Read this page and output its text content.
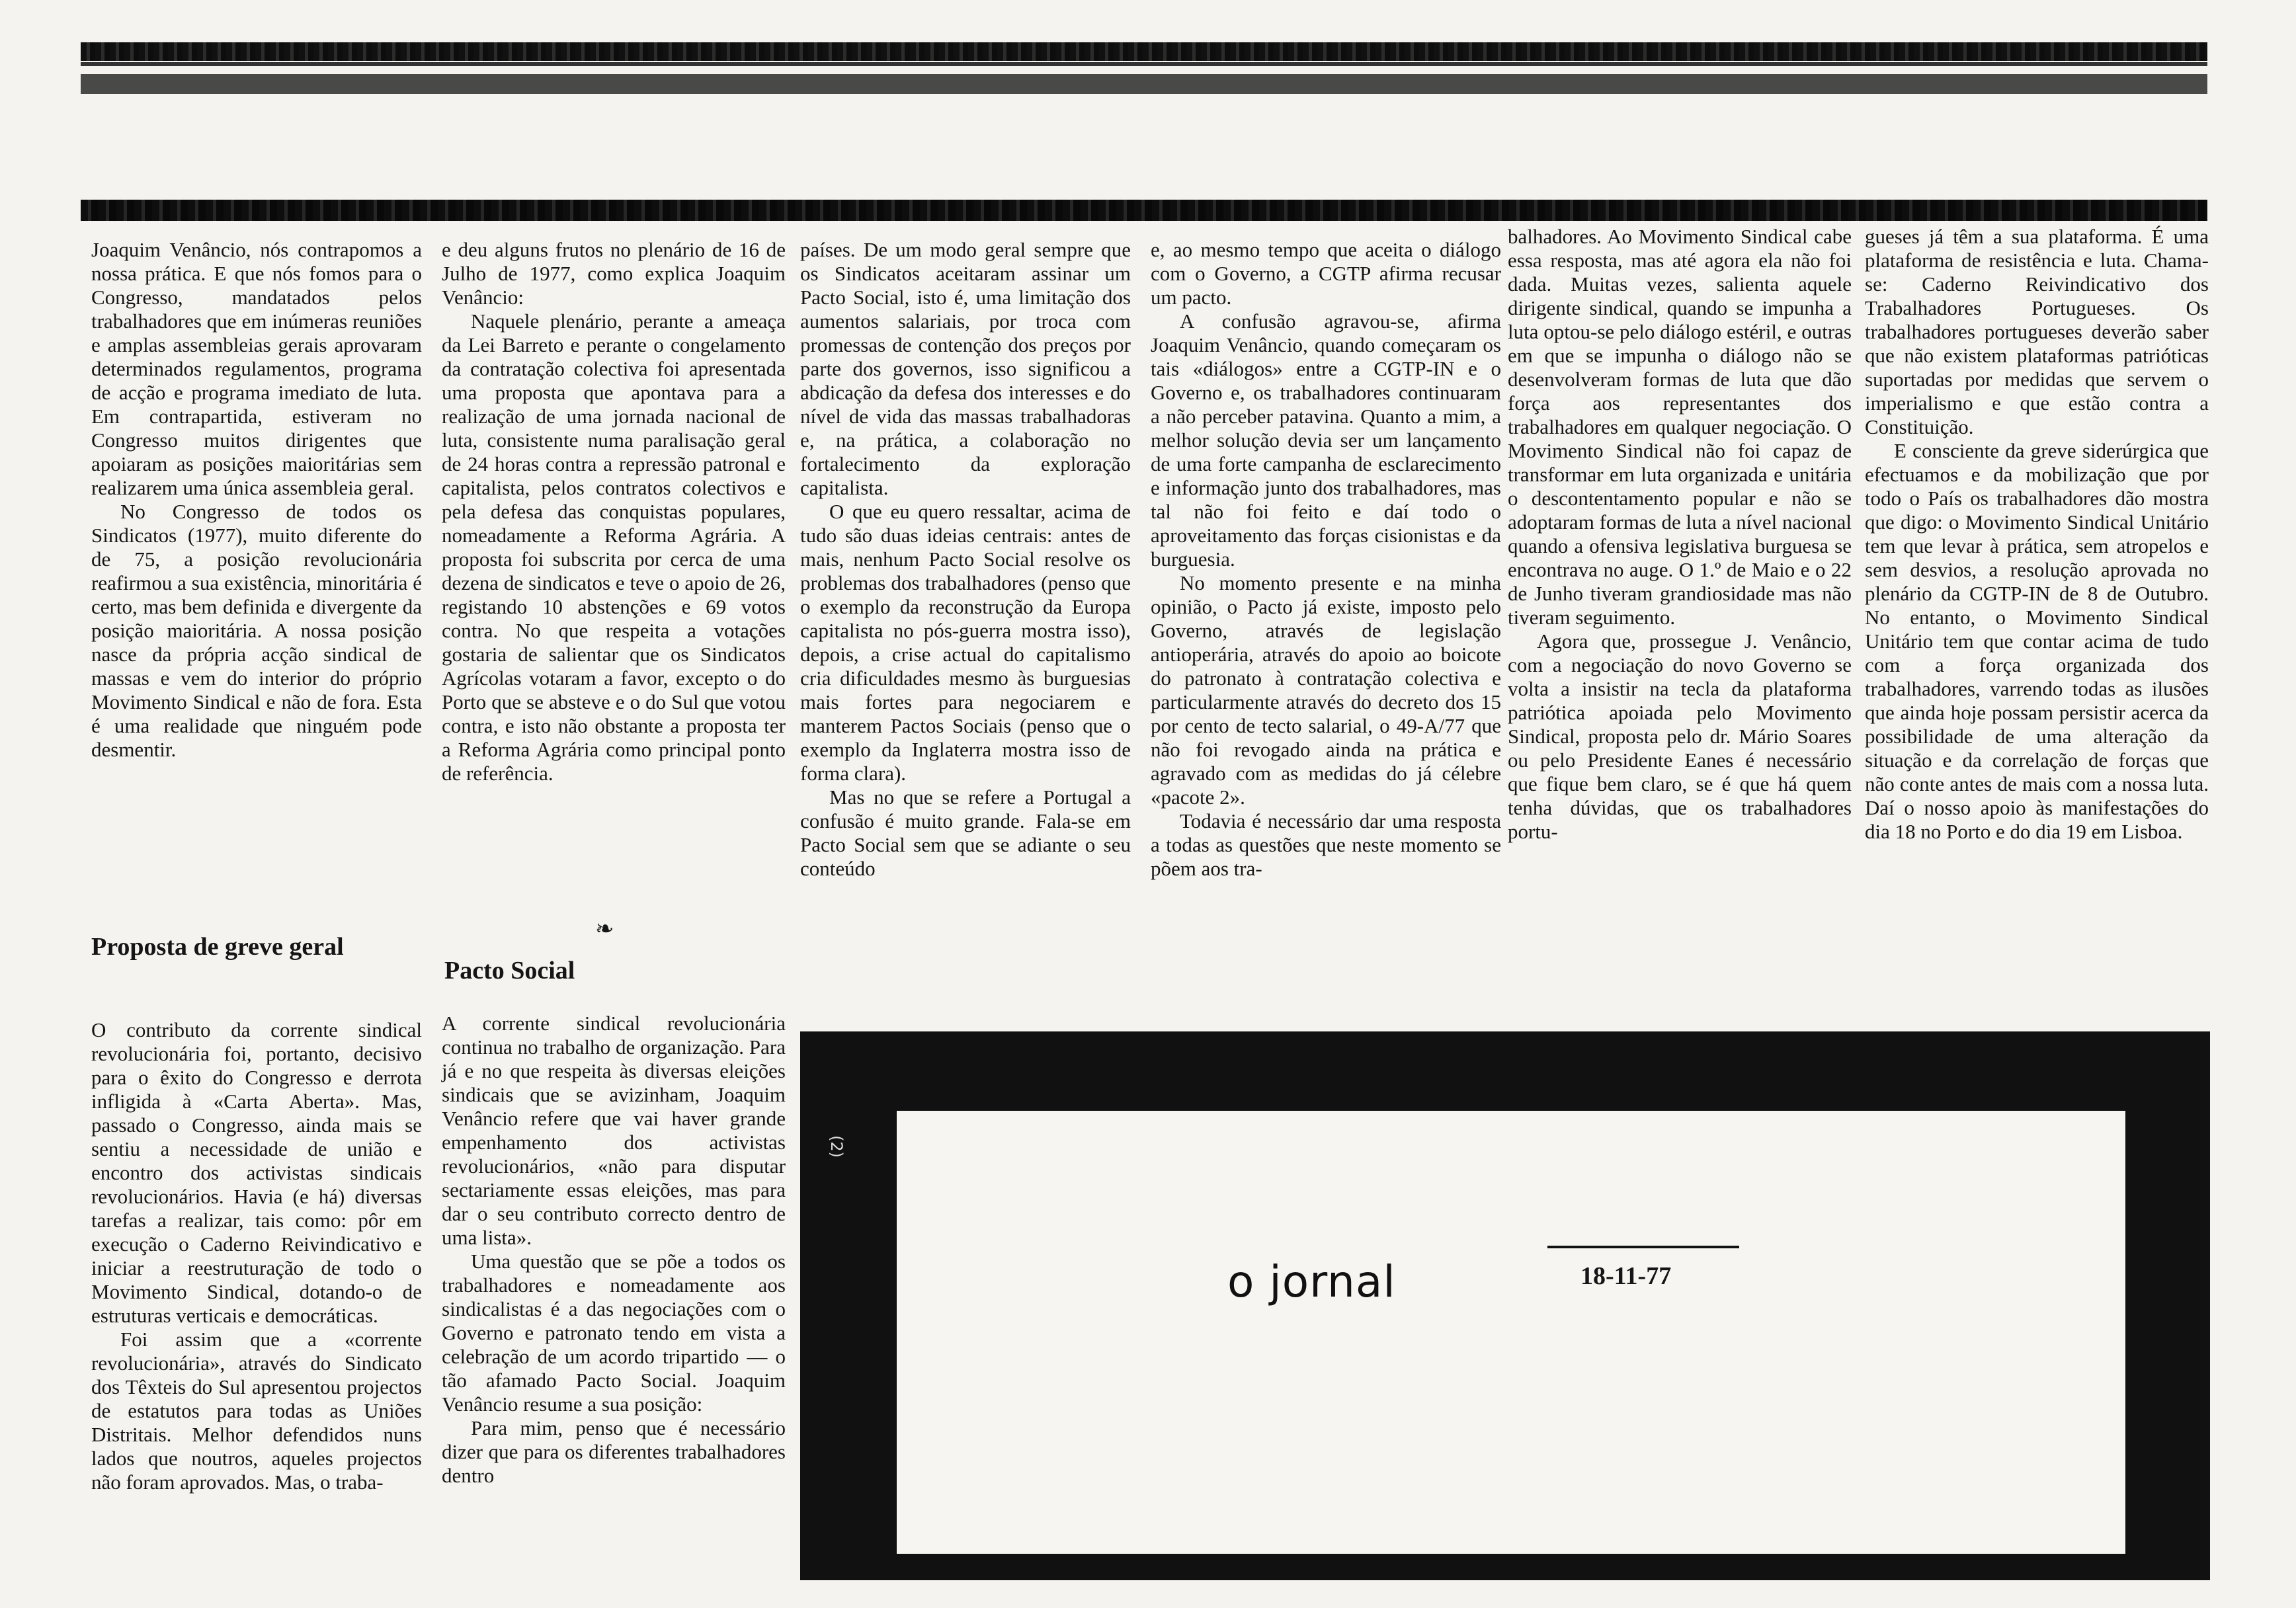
Joaquim Venâncio, nós contrapomos a nossa prática. E que nós fomos para o Congresso, mandatados pelos trabalhadores que em inúmeras reuniões e amplas assembleias gerais aprovaram determinados regulamentos, programa de acção e programa imediato de luta. Em contrapartida, estiveram no Congresso muitos dirigentes que apoiaram as posições maioritárias sem realizarem uma única assembleia geral.

No Congresso de todos os Sindicatos (1977), muito diferente do de 75, a posição revolucionária reafirmou a sua existência, minoritária é certo, mas bem definida e divergente da posição maioritária. A nossa posição nasce da própria acção sindical de massas e vem do interior do próprio Movimento Sindical e não de fora. Esta é uma realidade que ninguém pode desmentir.

Proposta de greve geral

O contributo da corrente sindical revolucionária foi, portanto, decisivo para o êxito do Congresso e derrota infligida à «Carta Aberta». Mas, passado o Congresso, ainda mais se sentiu a necessidade de união e encontro dos activistas sindicais revolucionários. Havia (e há) diversas tarefas a realizar, tais como: pôr em execução o Caderno Reivindicativo e iniciar a reestruturação de todo o Movimento Sindical, dotando-o de estruturas verticais e democráticas.

Foi assim que a «corrente revolucionária», através do Sindicato dos Têxteis do Sul apresentou projectos de estatutos para todas as Uniões Distritais. Melhor defendidos nuns lados que noutros, aqueles projectos não foram aprovados. Mas, o traba-

e deu alguns frutos no plenário de 16 de Julho de 1977, como explica Joaquim Venâncio:

Naquele plenário, perante a ameaça da Lei Barreto e perante o congelamento da contratação colectiva foi apresentada uma proposta que apontava para a realização de uma jornada nacional de luta, consistente numa paralisação geral de 24 horas contra a repressão patronal e capitalista, pelos contratos colectivos e pela defesa das conquistas populares, nomeadamente a Reforma Agrária. A proposta foi subscrita por cerca de uma dezena de sindicatos e teve o apoio de 26, registando 10 abstenções e 69 votos contra. No que respeita a votações gostaria de salientar que os Sindicatos Agrícolas votaram a favor, excepto o do Porto que se absteve e o do Sul que votou contra, e isto não obstante a proposta ter a Reforma Agrária como principal ponto de referência.

❧
Pacto Social

A corrente sindical revolucionária continua no trabalho de organização. Para já e no que respeita às diversas eleições sindicais que se avizinham, Joaquim Venâncio refere que vai haver grande empenhamento dos activistas revolucionários, «não para disputar sectariamente essas eleições, mas para dar o seu contributo correcto dentro de uma lista».

Uma questão que se põe a todos os trabalhadores e nomeadamente aos sindicalistas é a das negociações com o Governo e patronato tendo em vista a celebração de um acordo tripartido — o tão afamado Pacto Social. Joaquim Venâncio resume a sua posição:

Para mim, penso que é necessário dizer que para os diferentes trabalhadores dentro

países. De um modo geral sempre que os Sindicatos aceitaram assinar um Pacto Social, isto é, uma limitação dos aumentos salariais, por troca com promessas de contenção dos preços por parte dos governos, isso significou a abdicação da defesa dos interesses e do nível de vida das massas trabalhadoras e, na prática, a colaboração no fortalecimento da exploração capitalista.

O que eu quero ressaltar, acima de tudo são duas ideias centrais: antes de mais, nenhum Pacto Social resolve os problemas dos trabalhadores (penso que o exemplo da reconstrução da Europa capitalista no pós-guerra mostra isso), depois, a crise actual do capitalismo cria dificuldades mesmo às burguesias mais fortes para negociarem e manterem Pactos Sociais (penso que o exemplo da Inglaterra mostra isso de forma clara).

Mas no que se refere a Portugal a confusão é muito grande. Fala-se em Pacto Social sem que se adiante o seu conteúdo

e, ao mesmo tempo que aceita o diálogo com o Governo, a CGTP afirma recusar um pacto.

A confusão agravou-se, afirma Joaquim Venâncio, quando começaram os tais «diálogos» entre a CGTP-IN e o Governo e, os trabalhadores continuaram a não perceber patavina. Quanto a mim, a melhor solução devia ser um lançamento de uma forte campanha de esclarecimento e informação junto dos trabalhadores, mas tal não foi feito e daí todo o aproveitamento das forças cisionistas e da burguesia.

No momento presente e na minha opinião, o Pacto já existe, imposto pelo Governo, através de legislação antioperária, através do apoio ao boicote do patronato à contratação colectiva e particularmente através do decreto dos 15 por cento de tecto salarial, o 49-A/77 que não foi revogado ainda na prática e agravado com as medidas do já célebre «pacote 2».

Todavia é necessário dar uma resposta a todas as questões que neste momento se põem aos tra-

balhadores. Ao Movimento Sindical cabe essa resposta, mas até agora ela não foi dada. Muitas vezes, salienta aquele dirigente sindical, quando se impunha a luta optou-se pelo diálogo estéril, e outras em que se impunha o diálogo não se desenvolveram formas de luta que dão força aos representantes dos trabalhadores em qualquer negociação. O Movimento Sindical não foi capaz de transformar em luta organizada e unitária o descontentamento popular e não se adoptaram formas de luta a nível nacional quando a ofensiva legislativa burguesa se encontrava no auge. O 1.º de Maio e o 22 de Junho tiveram grandiosidade mas não tiveram seguimento.

Agora que, prossegue J. Venâncio, com a negociação do novo Governo se volta a insistir na tecla da plataforma patriótica apoiada pelo Movimento Sindical, proposta pelo dr. Mário Soares ou pelo Presidente Eanes é necessário que fique bem claro, se é que há quem tenha dúvidas, que os trabalhadores portu-

gueses já têm a sua plataforma. É uma plataforma de resistência e luta. Chama-se: Caderno Reivindicativo dos Trabalhadores Portugueses. Os trabalhadores portugueses deverão saber que não existem plataformas patrióticas suportadas por medidas que servem o imperialismo e que estão contra a Constituição.

E consciente da greve siderúrgica que efectuamos e da mobilização que por todo o País os trabalhadores dão mostra que digo: o Movimento Sindical Unitário tem que levar à prática, sem atropelos e sem desvios, a resolução aprovada no plenário da CGTP-IN de 8 de Outubro. No entanto, o Movimento Sindical Unitário tem que contar acima de tudo com a força organizada dos trabalhadores, varrendo todas as ilusões que ainda hoje possam persistir acerca da possibilidade de uma alteração da situação e da correlação de forças que não conte antes de mais com a nossa luta. Daí o nosso apoio às manifestações do dia 18 no Porto e do dia 19 em Lisboa.

(2)
o jornal	18-11-77
